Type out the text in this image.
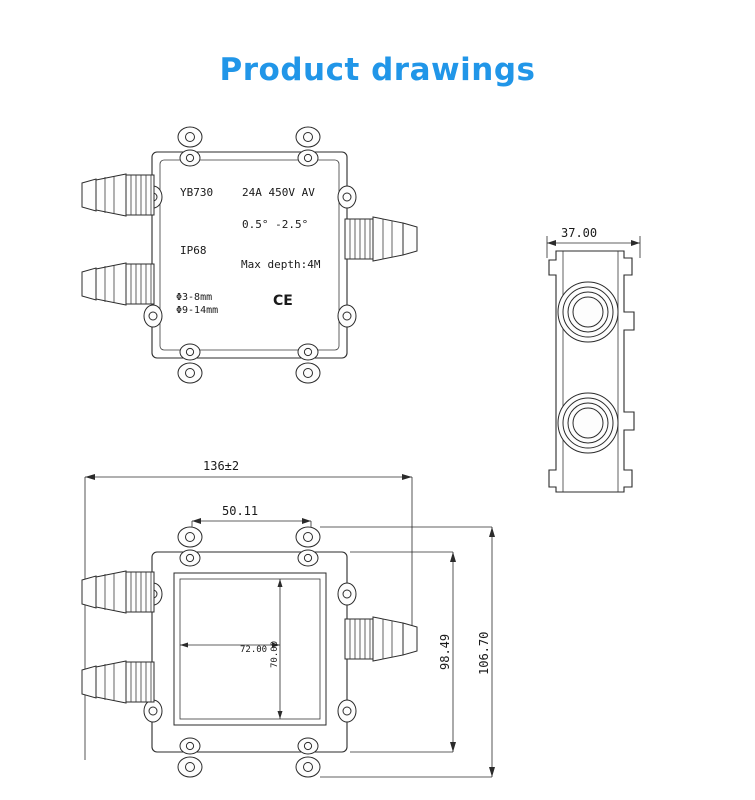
Product drawings
YB730	24A 450V AV
0.5° -2.5°
IP68
Max depth:4M
Φ3-8mm
Φ9-14mm
CE
37.00
136±2
50.11
72.00 70.00	98.49 106.70
